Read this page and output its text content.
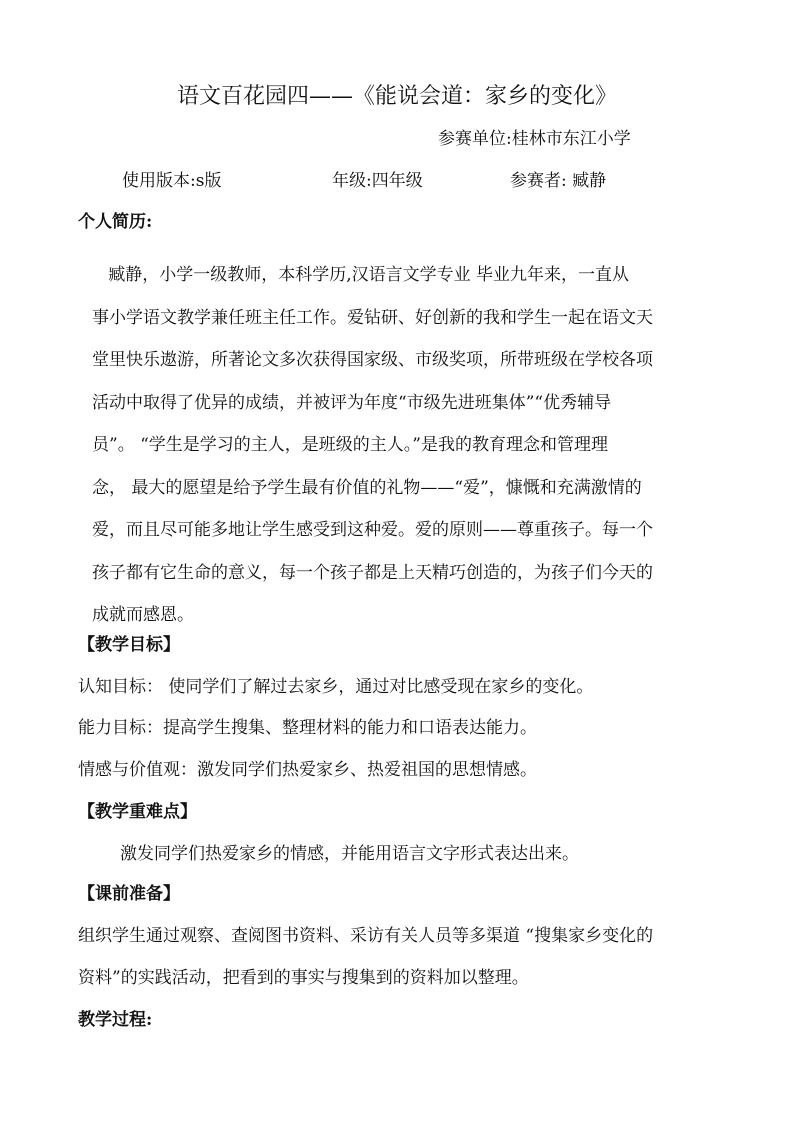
语文百花园四——《能说会道：家乡的变化》
参赛单位:桂林市东江小学
使用版本:s版	年级:四年级	参赛者: 臧静
个人简历:

臧静，小学一级教师，本科学历,汉语言文学专业 毕业九年来，一直从

事小学语文教学兼任班主任工作。爱钻研、好创新的我和学生一起在语文天

堂里快乐遨游，所著论文多次获得国家级、市级奖项，所带班级在学校各项

活动中取得了优异的成绩，并被评为年度“市级先进班集体”“优秀辅导

员”。 “学生是学习的主人，是班级的主人。”是我的教育理念和管理理

念， 最大的愿望是给予学生最有价值的礼物——“爱”，慷慨和充满激情的

爱，而且尽可能多地让学生感受到这种爱。爱的原则——尊重孩子。每一个

孩子都有它生命的意义，每一个孩子都是上天精巧创造的，为孩子们今天的

成就而感恩。

【教学目标】
认知目标： 使同学们了解过去家乡，通过对比感受现在家乡的变化。
能力目标：提高学生搜集、整理材料的能力和口语表达能力。
情感与价值观：激发同学们热爱家乡、热爱祖国的思想情感。
【教学重难点】
激发同学们热爱家乡的情感，并能用语言文字形式表达出来。
【课前准备】
组织学生通过观察、查阅图书资料、采访有关人员等多渠道 “搜集家乡变化的
资料”的实践活动，把看到的事实与搜集到的资料加以整理。
教学过程:
